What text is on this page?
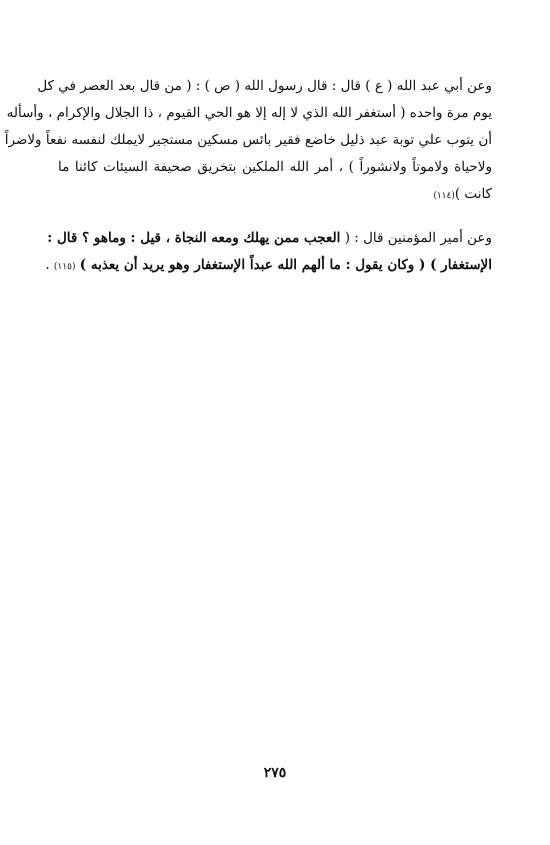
وعن أبي عبد الله ( ع ) قال : قال رسول الله ( ص ) : ( من قال بعد العصر في كل
يوم مرة واحده ( أستغفر الله الذي لا إله إلا هو الحي القيوم ، ذا الجلال والإكرام ، وأسأله
أن يتوب علي توبة عبد ذليل خاضع فقير بائس مسكين مستجير لايملك لنفسه نفعاً ولاضراً
ولاحياة ولاموتاً ولانشوراً ) ، أمر الله الملكين بتخريق صحيفة السيئات كائنا ما
كانت )(١١٤)
وعن أمير المؤمنين قال : ( العجب ممن يهلك ومعه النجاة ، قيل : وماهو ؟ قال :
الإستغفار ) ( وكان يقول : ما ألهم الله عبداً الإستغفار وهو يريد أن يعذبه ) (١١٥) .
٢٧٥
